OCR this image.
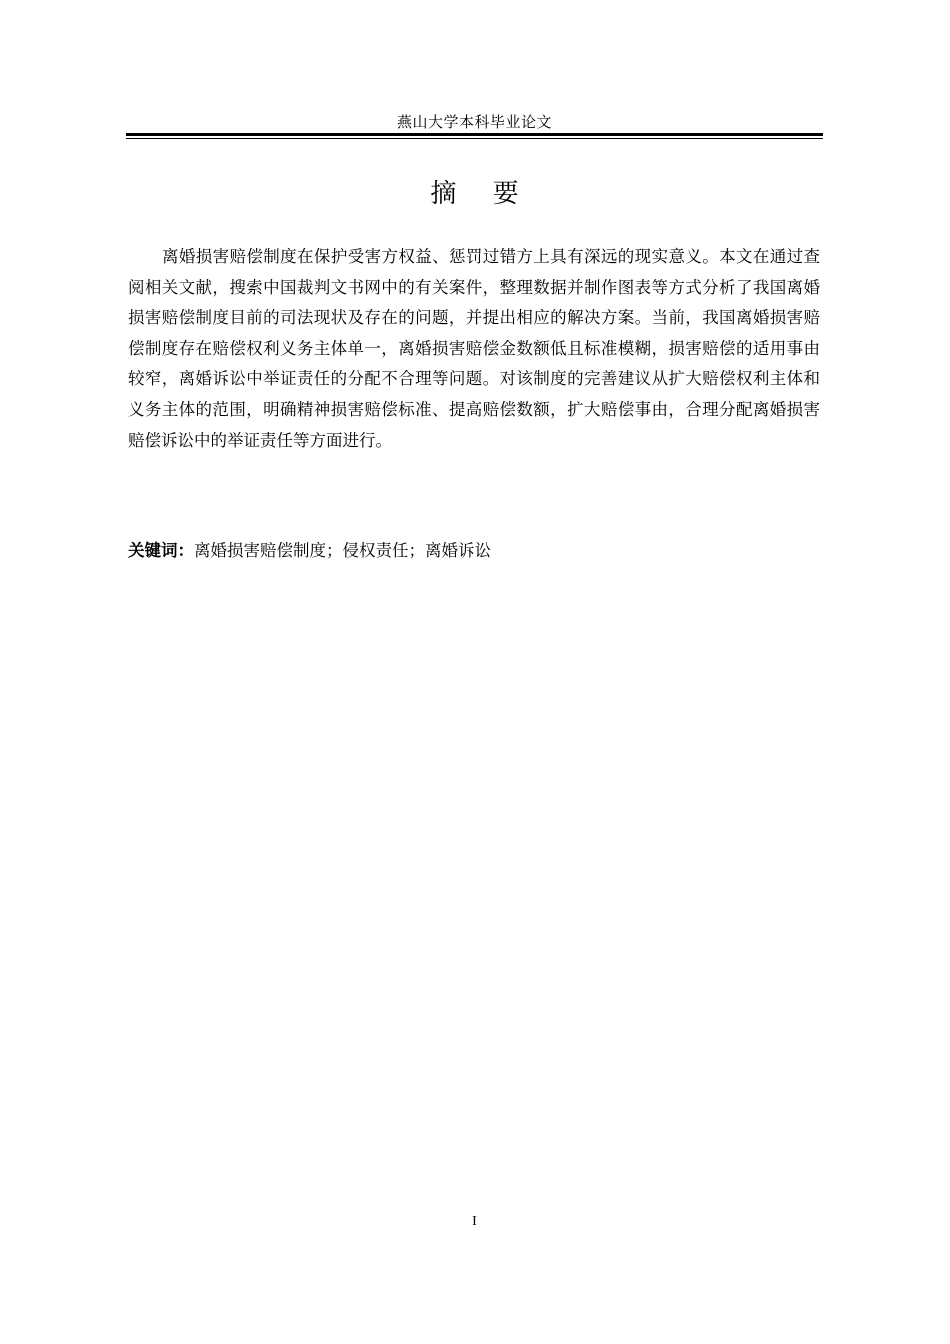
燕山大学本科毕业论文
摘 要

离婚损害赔偿制度在保护受害方权益、惩罚过错方上具有深远的现实意义。本文在通过查阅相关文献，搜索中国裁判文书网中的有关案件，整理数据并制作图表等方式分析了我国离婚损害赔偿制度目前的司法现状及存在的问题，并提出相应的解决方案。当前，我国离婚损害赔偿制度存在赔偿权利义务主体单一，离婚损害赔偿金数额低且标准模糊，损害赔偿的适用事由较窄，离婚诉讼中举证责任的分配不合理等问题。对该制度的完善建议从扩大赔偿权利主体和义务主体的范围，明确精神损害赔偿标准、提高赔偿数额，扩大赔偿事由，合理分配离婚损害赔偿诉讼中的举证责任等方面进行。

关键词：离婚损害赔偿制度；侵权责任；离婚诉讼
I
